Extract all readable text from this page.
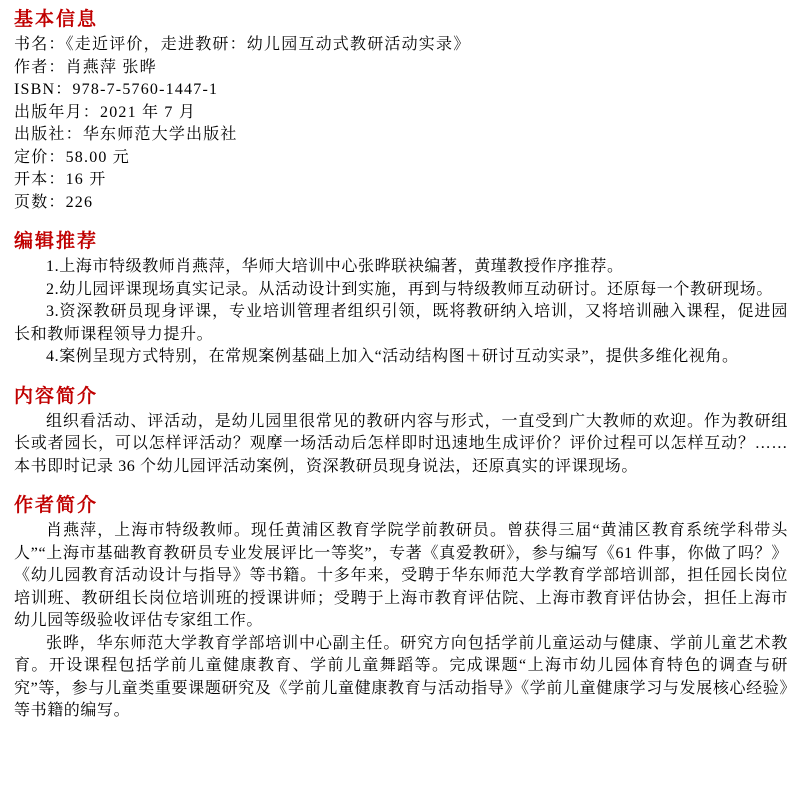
基本信息
书名：《走近评价，走进教研：幼儿园互动式教研活动实录》
作者：肖燕萍 张晔
ISBN：978-7-5760-1447-1
出版年月：2021 年 7 月
出版社：华东师范大学出版社
定价：58.00 元
开本：16 开
页数：226
编辑推荐

1.上海市特级教师肖燕萍，华师大培训中心张晔联袂编著，黄瑾教授作序推荐。

2.幼儿园评课现场真实记录。从活动设计到实施，再到与特级教师互动研讨。还原每一个教研现场。

3.资深教研员现身评课，专业培训管理者组织引领，既将教研纳入培训，又将培训融入课程，促进园长和教师课程领导力提升。

4.案例呈现方式特别，在常规案例基础上加入“活动结构图＋研讨互动实录”，提供多维化视角。

内容简介

组织看活动、评活动，是幼儿园里很常见的教研内容与形式，一直受到广大教师的欢迎。作为教研组长或者园长，可以怎样评活动？观摩一场活动后怎样即时迅速地生成评价？评价过程可以怎样互动？……本书即时记录 36 个幼儿园评活动案例，资深教研员现身说法，还原真实的评课现场。

作者简介

肖燕萍，上海市特级教师。现任黄浦区教育学院学前教研员。曾获得三届“黄浦区教育系统学科带头人”“上海市基础教育教研员专业发展评比一等奖”，专著《真爱教研》，参与编写《61 件事，你做了吗？》《幼儿园教育活动设计与指导》等书籍。十多年来，受聘于华东师范大学教育学部培训部，担任园长岗位培训班、教研组长岗位培训班的授课讲师；受聘于上海市教育评估院、上海市教育评估协会，担任上海市幼儿园等级验收评估专家组工作。

张晔，华东师范大学教育学部培训中心副主任。研究方向包括学前儿童运动与健康、学前儿童艺术教育。开设课程包括学前儿童健康教育、学前儿童舞蹈等。完成课题“上海市幼儿园体育特色的调查与研究”等，参与儿童类重要课题研究及《学前儿童健康教育与活动指导》《学前儿童健康学习与发展核心经验》等书籍的编写。
